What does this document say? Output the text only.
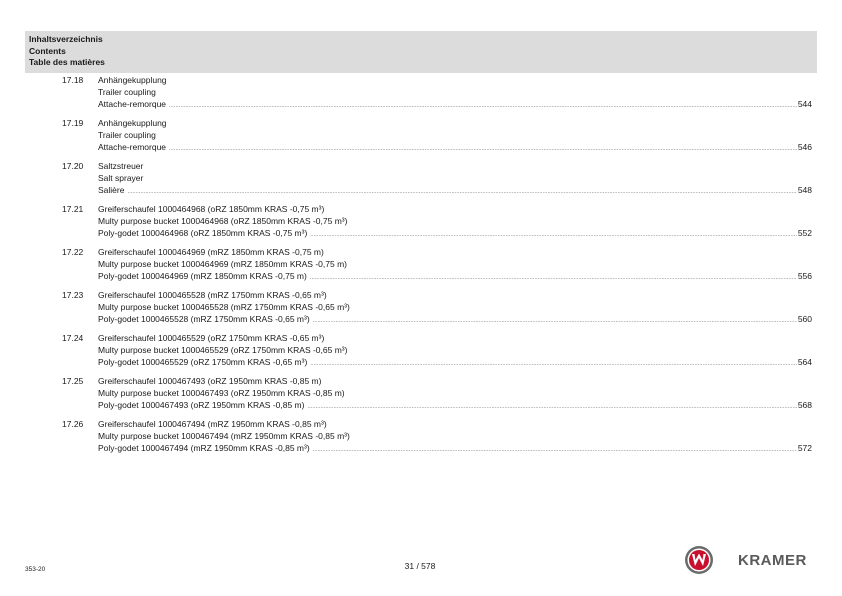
Inhaltsverzeichnis
Contents
Table des matières
17.18 Anhängekupplung
Trailer coupling
Attache-remorque .....	544
17.19 Anhängekupplung
Trailer coupling
Attache-remorque .....	546
17.20 Saltzstreuer
Salt sprayer
Salière .....	548
17.21 Greiferschaufel 1000464968 (oRZ 1850mm KRAS -0,75 m³)
Multy purpose bucket 1000464968 (oRZ 1850mm KRAS -0,75 m³)
Poly-godet 1000464968 (oRZ 1850mm KRAS -0,75 m³) .....	552
17.22 Greiferschaufel 1000464969 (mRZ 1850mm KRAS -0,75 m)
Multy purpose bucket 1000464969 (mRZ 1850mm KRAS -0,75 m)
Poly-godet 1000464969 (mRZ 1850mm KRAS -0,75 m) .....	556
17.23 Greiferschaufel 1000465528 (mRZ 1750mm KRAS -0,65 m³)
Multy purpose bucket 1000465528 (mRZ 1750mm KRAS -0,65 m³)
Poly-godet 1000465528 (mRZ 1750mm KRAS -0,65 m³) .....	560
17.24 Greiferschaufel 1000465529 (oRZ 1750mm KRAS -0,65 m³)
Multy purpose bucket 1000465529 (oRZ 1750mm KRAS -0,65 m³)
Poly-godet 1000465529 (oRZ 1750mm KRAS -0,65 m³) .....	564
17.25 Greiferschaufel 1000467493 (oRZ 1950mm KRAS -0,85 m)
Multy purpose bucket 1000467493 (oRZ 1950mm KRAS -0,85 m)
Poly-godet 1000467493 (oRZ 1950mm KRAS -0,85 m) .....	568
17.26 Greiferschaufel 1000467494 (mRZ 1950mm KRAS -0,85 m³)
Multy purpose bucket 1000467494 (mRZ 1950mm KRAS -0,85 m³)
Poly-godet 1000467494 (mRZ 1950mm KRAS -0,85 m³) .....	572
353-20	31 / 578	KRAMER
